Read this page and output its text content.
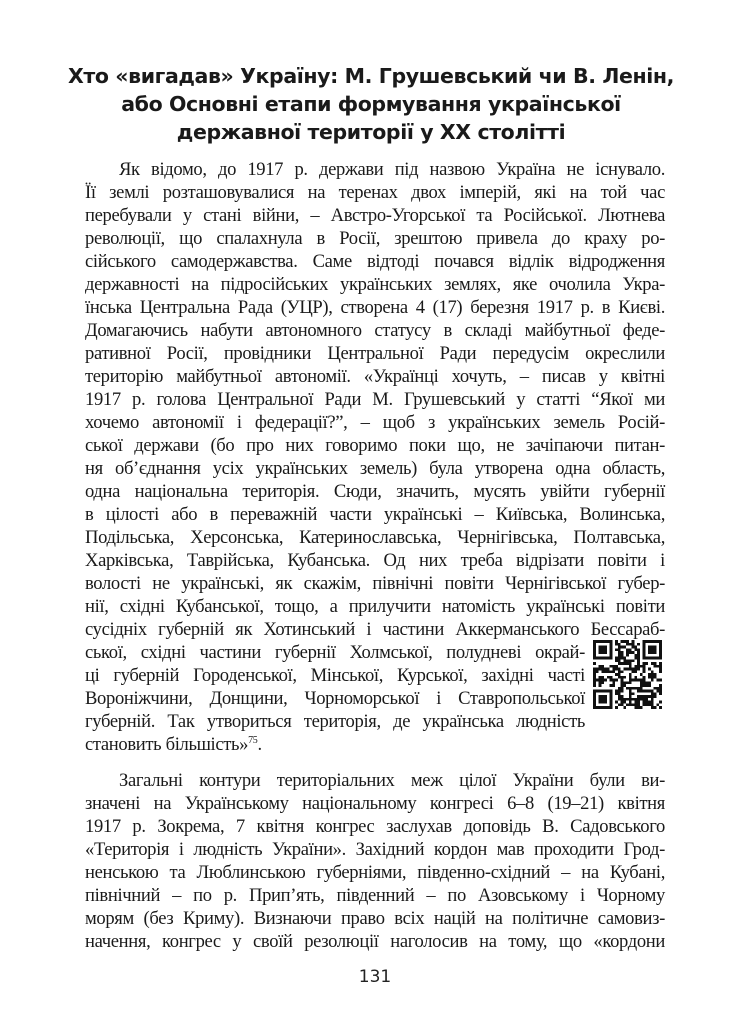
Хто «вигадав» Україну: М. Грушевський чи В. Ленін,
або Основні етапи формування української
державної території у ХХ столітті
Як відомо, до 1917 р. держави під назвою Україна не існувало.
Її землі розташовувалися на теренах двох імперій, які на той час
перебували у стані війни, – Австро-Угорської та Російської. Лютнева
революції, що спалахнула в Росії, зрештою привела до краху ро-
сійського самодержавства. Саме відтоді почався відлік відродження
державності на підросійських українських землях, яке очолила Укра-
їнська Центральна Рада (УЦР), створена 4 (17) березня 1917 р. в Києві.
Домагаючись набути автономного статусу в складі майбутньої феде-
ративної Росії, провідники Центральної Ради передусім окреслили
територію майбутньої автономії. «Українці хочуть, – писав у квітні
1917 р. голова Центральної Ради М. Грушевський у статті “Якої ми
хочемо автономії і федерації?”, – щоб з українських земель Росій-
ської держави (бо про них говоримо поки що, не зачіпаючи питан-
ня об’єднання усіх українських земель) була утворена одна область,
одна національна територія. Сюди, значить, мусять увійти губернії
в цілості або в переважній части українські – Київська, Волинська,
Подільська, Херсонська, Катеринославська, Чернігівська, Полтавська,
Харківська, Таврійська, Кубанська. Од них треба відрізати повіти і
волості не українські, як скажім, північні повіти Чернігівської губер-
нії, східні Кубанської, тощо, а прилучити натомість українські повіти
сусідніх губерній як Хотинський і частини Аккерманського Бессараб-
ської, східні частини губернії Холмської, полудневі окрай-
ці губерній Городенської, Мінської, Курської, західні часті
Вороніжчини, Донщини, Чорноморської і Ставропольської
губерній. Так утвориться територія, де українська людність
становить більшість»$^{75}$.
Загальні контури територіальних меж цілої України були ви-
значені на Українському національному конгресі 6–8 (19–21) квітня
1917 р. Зокрема, 7 квітня конгрес заслухав доповідь В. Садовського
«Територія і людність України». Західний кордон мав проходити Грод-
ненською та Люблинською губерніями, південно-східний – на Кубані,
північний – по р. Прип’ять, південний – по Азовському і Чорному
морям (без Криму). Визнаючи право всіх націй на політичне самовиз-
начення, конгрес у своїй резолюції наголосив на тому, що «кордони
131
